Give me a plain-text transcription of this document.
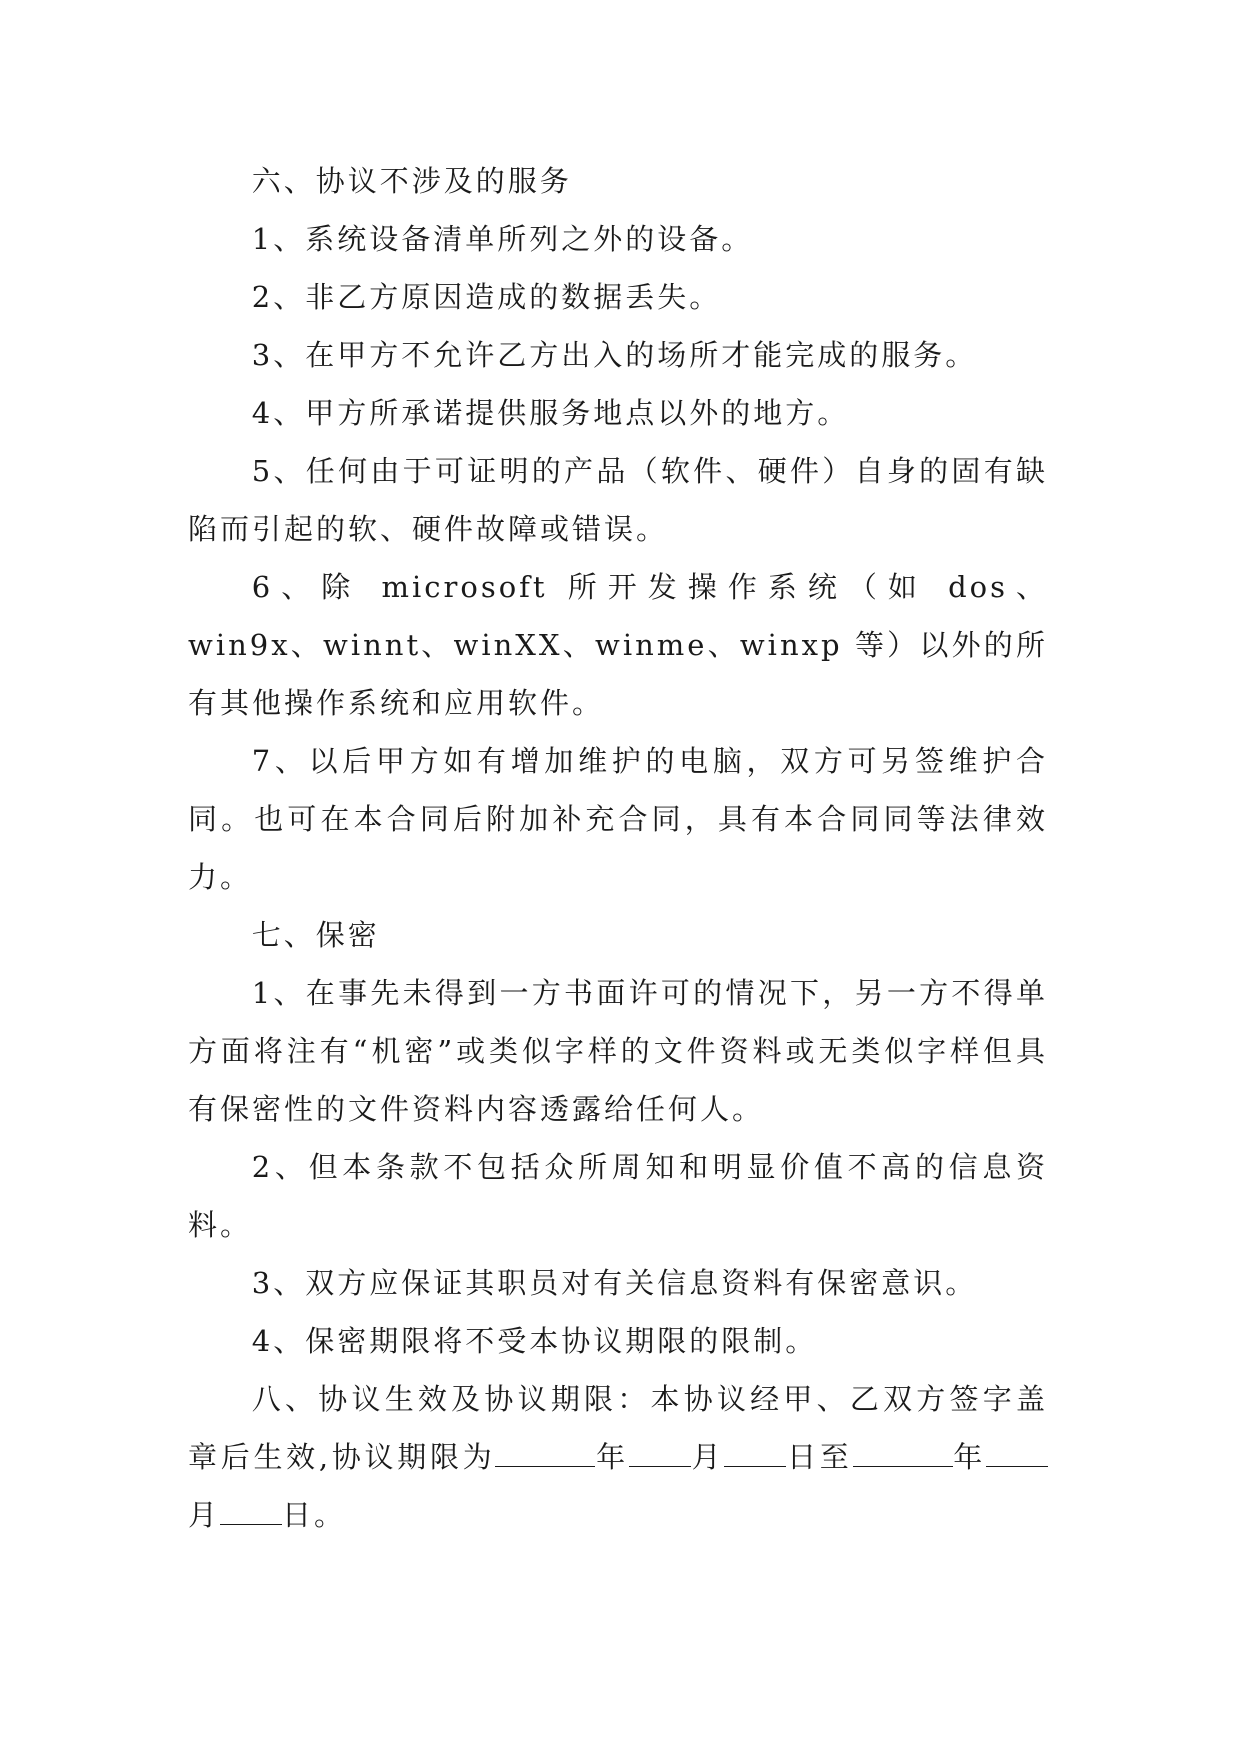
六、协议不涉及的服务

1、系统设备清单所列之外的设备。

2、非乙方原因造成的数据丢失。

3、在甲方不允许乙方出入的场所才能完成的服务。

4、甲方所承诺提供服务地点以外的地方。

5、任何由于可证明的产品（软件、硬件）自身的固有缺陷而引起的软、硬件故障或错误。

6、除 microsoft 所开发操作系统（如 dos、win9x、winnt、winXX、winme、winxp 等）以外的所有其他操作系统和应用软件。

7、以后甲方如有增加维护的电脑，双方可另签维护合同。也可在本合同后附加补充合同，具有本合同同等法律效力。

七、保密

1、在事先未得到一方书面许可的情况下，另一方不得单方面将注有“机密”或类似字样的文件资料或无类似字样但具有保密性的文件资料内容透露给任何人。

2、但本条款不包括众所周知和明显价值不高的信息资料。

3、双方应保证其职员对有关信息资料有保密意识。

4、保密期限将不受本协议期限的限制。

八、协议生效及协议期限：本协议经甲、乙双方签字盖章后生效,协议期限为	年 月 日至	年月 日。
